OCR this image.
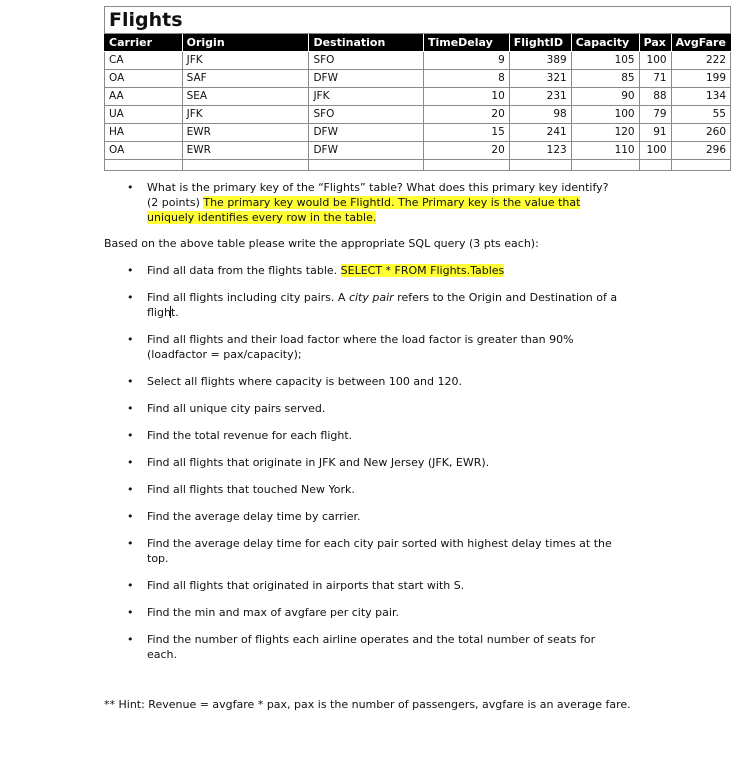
Flights							
Carrier	Origin	Destination	TimeDelay	FlightID	Capacity	Pax	AvgFare
CA	JFK	SFO	9	389	105	100	222
OA	SAF	DFW	8	321	85	71	199
AA	SEA	JFK	10	231	90	88	134
UA	JFK	SFO	20	98	100	79	55
HA	EWR	DFW	15	241	120	91	260
OA	EWR	DFW	20	123	110	100	296

• What is the primary key of the “Flights” table? What does this primary key identify?(2 points) The primary key would be FlightId. The Primary key is the value that uniquely identifies every row in the table.
Based on the above table please write the appropriate SQL query (3 pts each):
• Find all data from the flights table. SELECT * FROM Flights.Tables
• Find all flights including city pairs. A city pair refers to the Origin and Destination of a flight.
• Find all flights and their load factor where the load factor is greater than 90% (loadfactor = pax/capacity);
• Select all flights where capacity is between 100 and 120.
• Find all unique city pairs served.
• Find the total revenue for each flight.
• Find all flights that originate in JFK and New Jersey (JFK, EWR).
• Find all flights that touched New York.
• Find the average delay time by carrier.
• Find the average delay time for each city pair sorted with highest delay times at the top.
• Find all flights that originated in airports that start with S.
• Find the min and max of avgfare per city pair.
• Find the number of flights each airline operates and the total number of seats for each.
** Hint: Revenue = avgfare * pax, pax is the number of passengers, avgfare is an average fare.
